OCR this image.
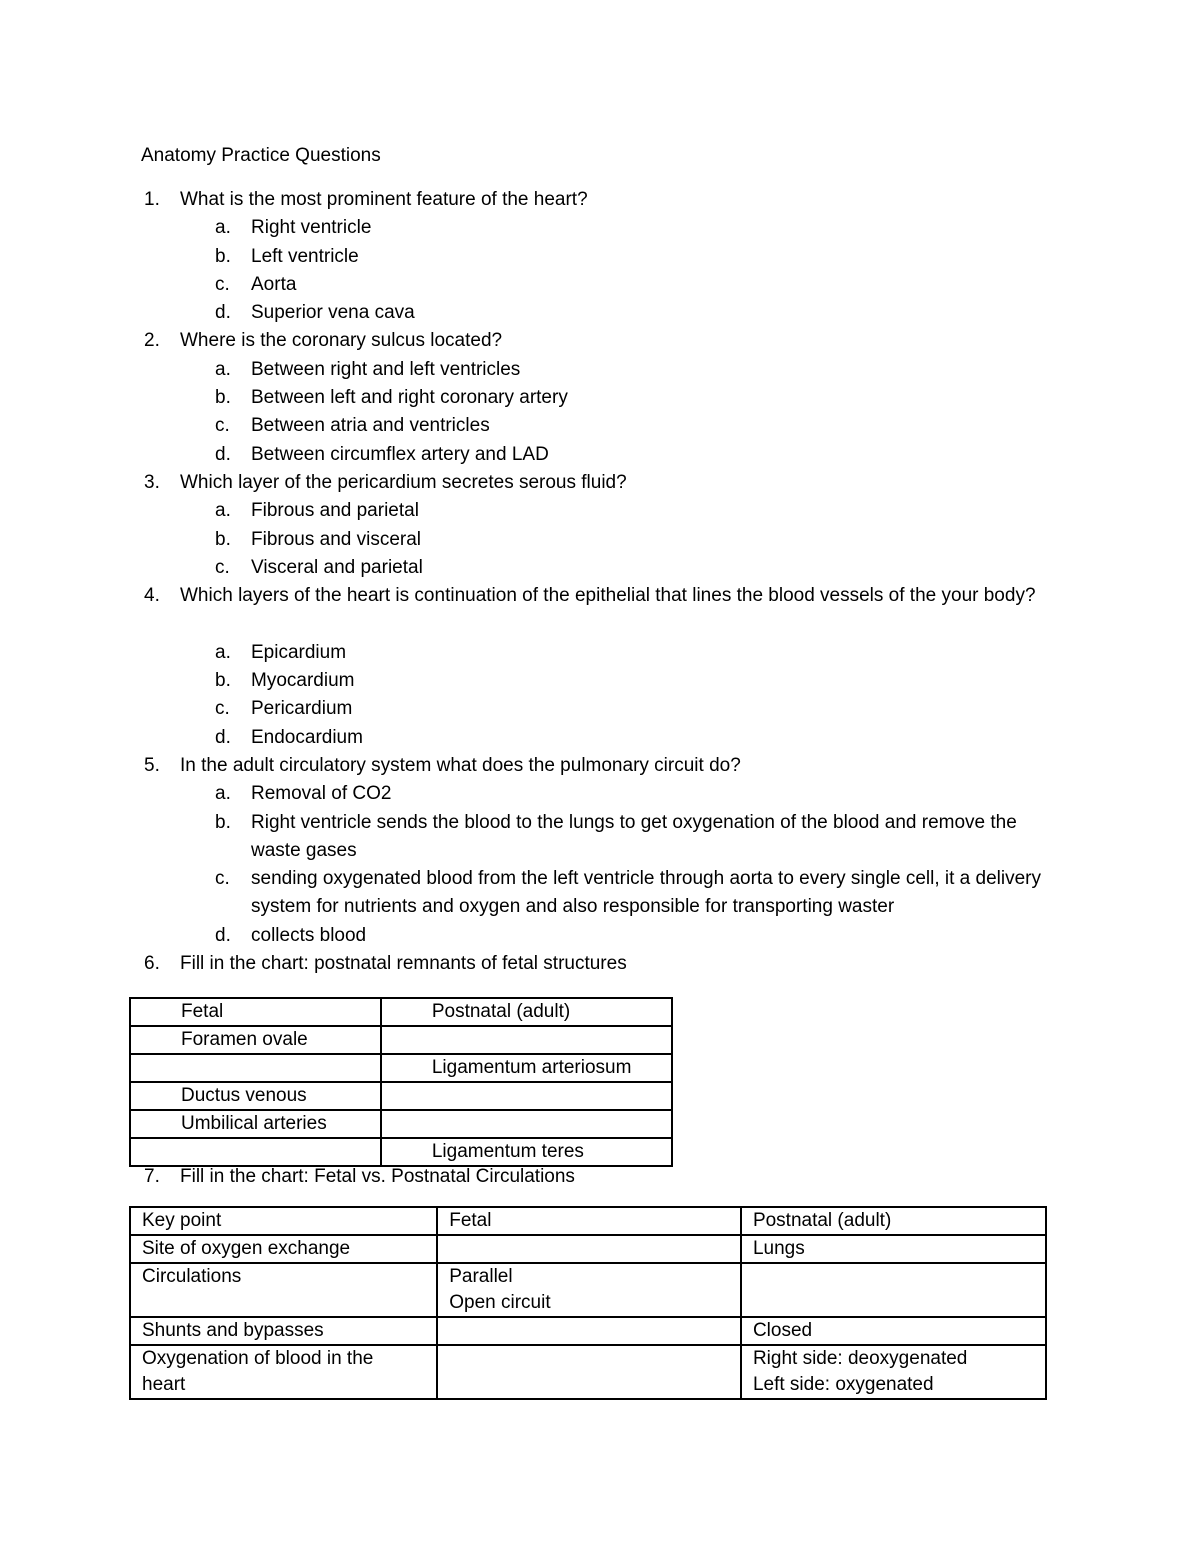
Anatomy Practice Questions
1. What is the most prominent feature of the heart?
a. Right ventricle
b. Left ventricle
c. Aorta
d. Superior vena cava
2. Where is the coronary sulcus located?
a. Between right and left ventricles
b. Between left and right coronary artery
c. Between atria and ventricles
d. Between circumflex artery and LAD
3. Which layer of the pericardium secretes serous fluid?
a. Fibrous and parietal
b. Fibrous and visceral
c. Visceral and parietal
4. Which layers of the heart is continuation of the epithelial that lines the blood vessels of the your body?
a. Epicardium
b. Myocardium
c. Pericardium
d. Endocardium
5. In the adult circulatory system what does the pulmonary circuit do?
a. Removal of CO2
b. Right ventricle sends the blood to the lungs to get oxygenation of the blood and remove the waste gases
c. sending oxygenated blood from the left ventricle through aorta to every single cell, it a delivery system for nutrients and oxygen and also responsible for transporting waster
d. collects blood
6. Fill in the chart: postnatal remnants of fetal structures
Fetal	Postnatal (adult)

Foramen ovale	

	Ligamentum arteriosum

Ductus venous	

Umbilical arteries	

	Ligamentum teres
7. Fill in the chart: Fetal vs. Postnatal Circulations
Key point	Fetal	Postnatal (adult)

Site of oxygen exchange		Lungs

Circulations	Parallel
Open circuit	

Shunts and bypasses		Closed

Oxygenation of blood in the
heart		Right side: deoxygenated
Left side: oxygenated
